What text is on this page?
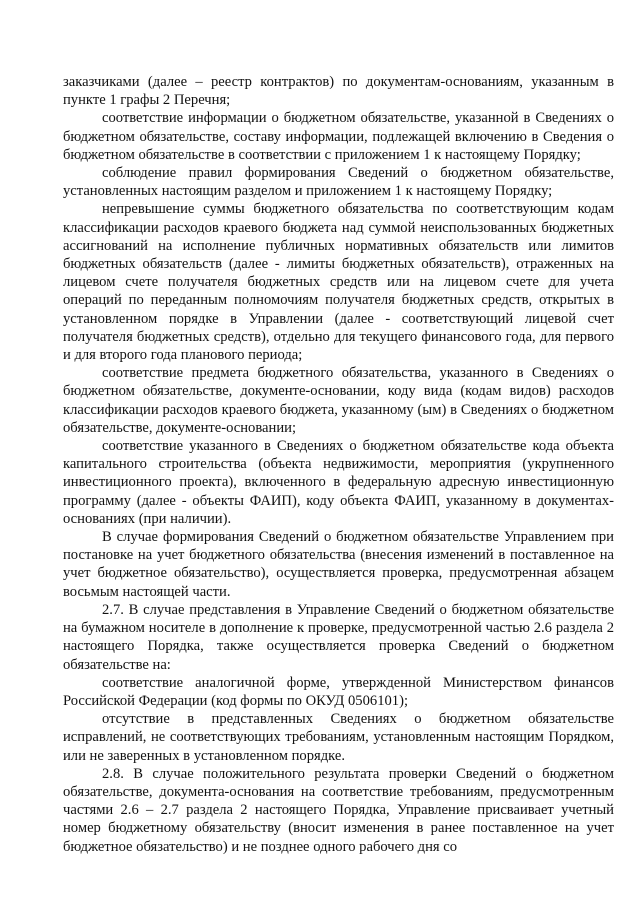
заказчиками (далее – реестр контрактов) по документам-основаниям, указанным в пункте 1 графы 2 Перечня;

соответствие информации о бюджетном обязательстве, указанной в Сведениях о бюджетном обязательстве, составу информации, подлежащей включению в Сведения о бюджетном обязательстве в соответствии с приложением 1 к настоящему Порядку;

соблюдение правил формирования Сведений о бюджетном обязательстве, установленных настоящим разделом и приложением 1 к настоящему Порядку;

непревышение суммы бюджетного обязательства по соответствующим кодам классификации расходов краевого бюджета над суммой неиспользованных бюджетных ассигнований на исполнение публичных нормативных обязательств или лимитов бюджетных обязательств (далее - лимиты бюджетных обязательств), отраженных на лицевом счете получателя бюджетных средств или на лицевом счете для учета операций по переданным полномочиям получателя бюджетных средств, открытых в установленном порядке в Управлении (далее - соответствующий лицевой счет получателя бюджетных средств), отдельно для текущего финансового года, для первого и для второго года планового периода;

соответствие предмета бюджетного обязательства, указанного в Сведениях о бюджетном обязательстве, документе-основании, коду вида (кодам видов) расходов классификации расходов краевого бюджета, указанному (ым) в Сведениях о бюджетном обязательстве, документе-основании;

соответствие указанного в Сведениях о бюджетном обязательстве кода объекта капитального строительства (объекта недвижимости, мероприятия (укрупненного инвестиционного проекта), включенного в федеральную адресную инвестиционную программу (далее - объекты ФАИП), коду объекта ФАИП, указанному в документах-основаниях (при наличии).

В случае формирования Сведений о бюджетном обязательстве Управлением при постановке на учет бюджетного обязательства (внесения изменений в поставленное на учет бюджетное обязательство), осуществляется проверка, предусмотренная абзацем восьмым настоящей части.

2.7. В случае представления в Управление Сведений о бюджетном обязательстве на бумажном носителе в дополнение к проверке, предусмотренной частью 2.6 раздела 2 настоящего Порядка, также осуществляется проверка Сведений о бюджетном обязательстве на:

соответствие аналогичной форме, утвержденной Министерством финансов Российской Федерации (код формы по ОКУД 0506101);

отсутствие в представленных Сведениях о бюджетном обязательстве исправлений, не соответствующих требованиям, установленным настоящим Порядком, или не заверенных в установленном порядке.

2.8. В случае положительного результата проверки Сведений о бюджетном обязательстве, документа-основания на соответствие требованиям, предусмотренным частями 2.6 – 2.7 раздела 2 настоящего Порядка, Управление присваивает учетный номер бюджетному обязательству (вносит изменения в ранее поставленное на учет бюджетное обязательство) и не позднее одного рабочего дня со
